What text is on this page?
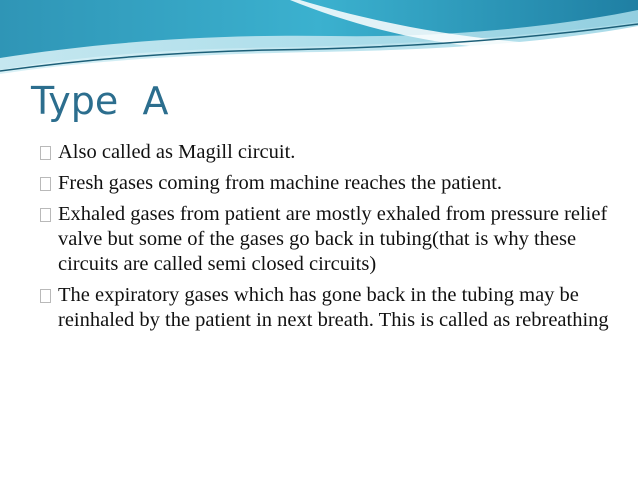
Type  A
Also called as Magill circuit.
Fresh gases coming from machine reaches the patient.
Exhaled gases from patient are mostly exhaled from pressure relief valve but some of the gases go back in tubing(that is why these circuits are called semi closed circuits)
The expiratory gases which has gone back in the tubing may be reinhaled by the patient in next breath. This is called as rebreathing
